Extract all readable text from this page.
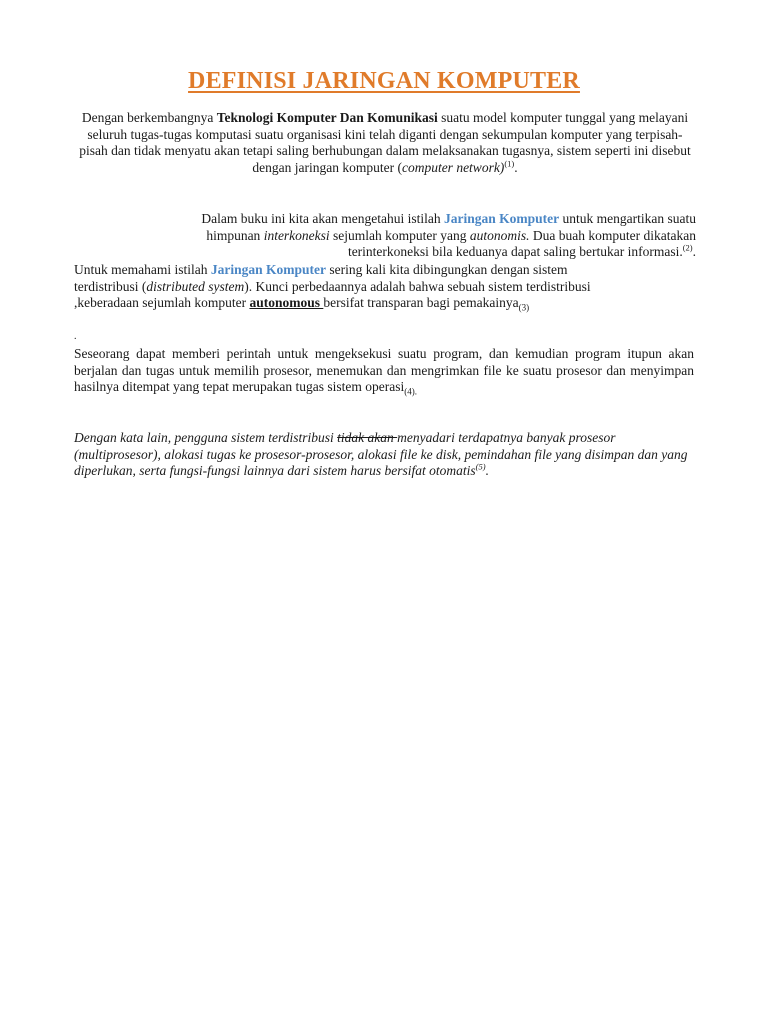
DEFINISI JARINGAN KOMPUTER
Dengan berkembangnya Teknologi Komputer Dan Komunikasi suatu model komputer tunggal yang melayani seluruh tugas-tugas komputasi suatu organisasi kini telah diganti dengan sekumpulan komputer yang terpisah-pisah dan tidak menyatu akan tetapi saling berhubungan dalam melaksanakan tugasnya, sistem seperti ini disebut dengan jaringan komputer (computer network)$^{(1)}$.
Dalam buku ini kita akan mengetahui istilah Jaringan Komputer untuk mengartikan suatu
himpunan interkoneksi sejumlah komputer yang autonomis. Dua buah komputer dikatakan
terinterkoneksi bila keduanya dapat saling bertukar informasi.$^{(2)}$.
Untuk memahami istilah Jaringan Komputer sering kali kita dibingungkan dengan sistem terdistribusi (distributed system). Kunci perbedaannya adalah bahwa sebuah sistem terdistribusi ,keberadaan sejumlah komputer autonomous bersifat transparan bagi pemakainya$_{(3)}$
.
Seseorang dapat memberi perintah untuk mengeksekusi suatu program, dan kemudian program itupun akan berjalan dan tugas untuk memilih prosesor, menemukan dan mengrimkan file ke suatu prosesor dan menyimpan hasilnya ditempat yang tepat merupakan tugas sistem operasi$_{(4).}$
Dengan kata lain, pengguna sistem terdistribusi tidak akan menyadari terdapatnya banyak prosesor (multiprosesor), alokasi tugas ke prosesor-prosesor, alokasi file ke disk, pemindahan file yang disimpan dan yang diperlukan, serta fungsi-fungsi lainnya dari sistem harus bersifat otomatis$^{(5)}$.
